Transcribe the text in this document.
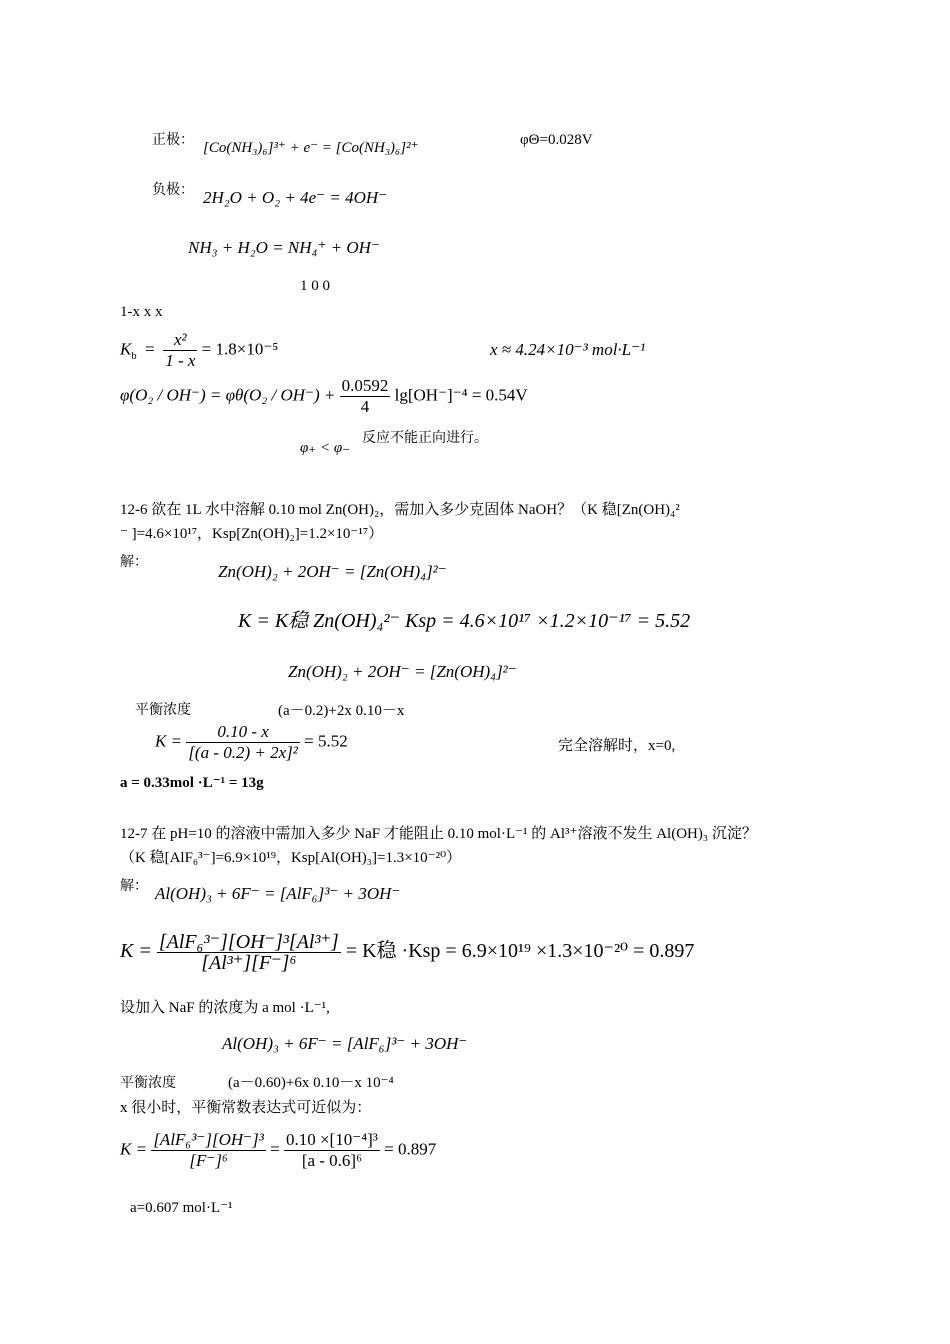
正极： [Co(NH₃)₆]³⁺ + e⁻ = [Co(NH₃)₆]²⁺	φΘ=0.028V
负极： 2H₂O + O₂ + 4e⁻ = 4OH⁻
NH₃ + H₂O = NH₄⁺ + OH⁻
1 0 0
1-x x x
$K_b = \frac{\text{x²}}{1 - x} = 1.8\times 10^{-5}$	x ≈ 4.24×10⁻³ mol·L⁻¹
$\varphi(O_2 / OH^-) = \varphi\theta(O_2 / OH^-) + \frac{0.0592}{4} \lg[OH^-]^{-4} = 0.54V$
φ₊ < φ₋
反应不能正向进行。
12-6 欲在 1L 水中溶解 0.10 mol Zn(OH)₂，需加入多少克固体 NaOH？（K 稳[Zn(OH)₄²
⁻ ]=4.6×10¹⁷，Ksp[Zn(OH)₂]=1.2×10⁻¹⁷）
解：	Zn(OH)₂ + 2OH⁻ = [Zn(OH)₄]²⁻
K = K稳 Zn(OH)₄²⁻ Ksp = 4.6×10¹⁷ ×1.2×10⁻¹⁷ = 5.52
Zn(OH)₂ + 2OH⁻ = [Zn(OH)₄]²⁻
平衡浓度	(a－0.2)+2x 0.10－x
$K = \frac{0.10 - x}{\text{[(a - 0.2) + 2x]²}} = 5.52$	完全溶解时，x=0,
a = 0.33mol ·L⁻¹ = 13g
12-7 在 pH=10 的溶液中需加入多少 NaF 才能阻止 0.10 mol·L⁻¹ 的 Al³⁺溶液不发生 Al(OH)₃ 沉淀？
（K 稳[AlF₆³⁻]=6.9×10¹⁹，Ksp[Al(OH)₃]=1.3×10⁻²⁰）
解： Al(OH)₃ + 6F⁻ = [AlF₆]³⁻ + 3OH⁻
$K = \frac{\text{[AlF₆³⁻][OH⁻]³[Al³⁺]}}{\text{[Al³⁺][F⁻]⁶}} = K$稳 ·Ksp = 6.9×10¹⁹ ×1.3×10⁻²⁰ = 0.897
设加入 NaF 的浓度为 a mol ·L⁻¹,
Al(OH)₃ + 6F⁻ = [AlF₆]³⁻ + 3OH⁻
平衡浓度	(a－0.60)+6x 0.10－x 10⁻⁴
x 很小时，平衡常数表达式可近似为：
$K = \frac{\text{[AlF₆³⁻][OH⁻]³}}{\text{[F⁻]⁶}} = \frac{\text{0.10 ×[10⁻⁴]³}}{\text{[a - 0.6]⁶}} = 0.897$
a=0.607 mol·L⁻¹
